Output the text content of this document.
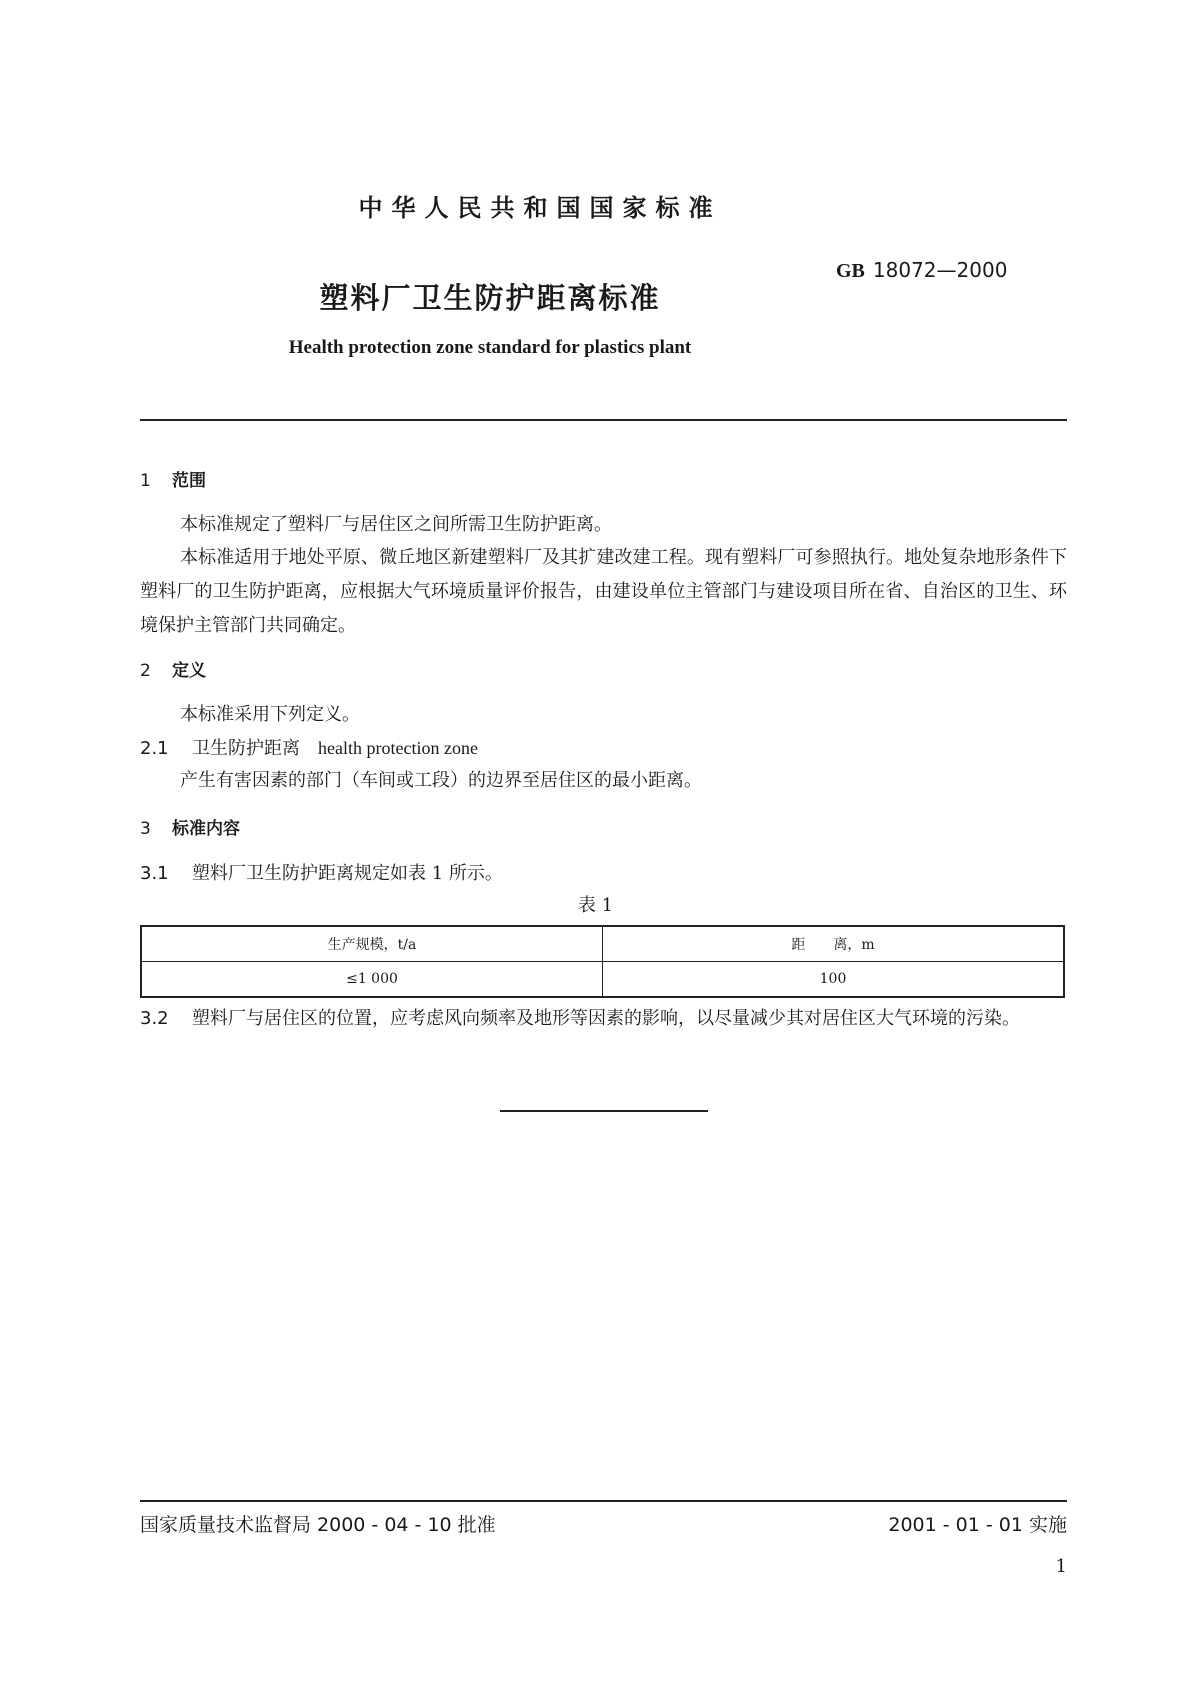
中华人民共和国国家标准
GB 18072—2000
塑料厂卫生防护距离标准
Health protection zone standard for plastics plant
1 范围
本标准规定了塑料厂与居住区之间所需卫生防护距离。
本标准适用于地处平原、微丘地区新建塑料厂及其扩建改建工程。现有塑料厂可参照执行。地处复杂地形条件下塑料厂的卫生防护距离，应根据大气环境质量评价报告，由建设单位主管部门与建设项目所在省、自治区的卫生、环境保护主管部门共同确定。
2 定义
本标准采用下列定义。
2.1 卫生防护距离 health protection zone
产生有害因素的部门（车间或工段）的边界至居住区的最小距离。
3 标准内容
3.1 塑料厂卫生防护距离规定如表 1 所示。
表 1
生产规模，t/a	距　　离，m
≤1 000	100
3.2 塑料厂与居住区的位置，应考虑风向频率及地形等因素的影响，以尽量减少其对居住区大气环境的污染。
国家质量技术监督局 2000 - 04 - 10 批准	2001 - 01 - 01 实施
1
